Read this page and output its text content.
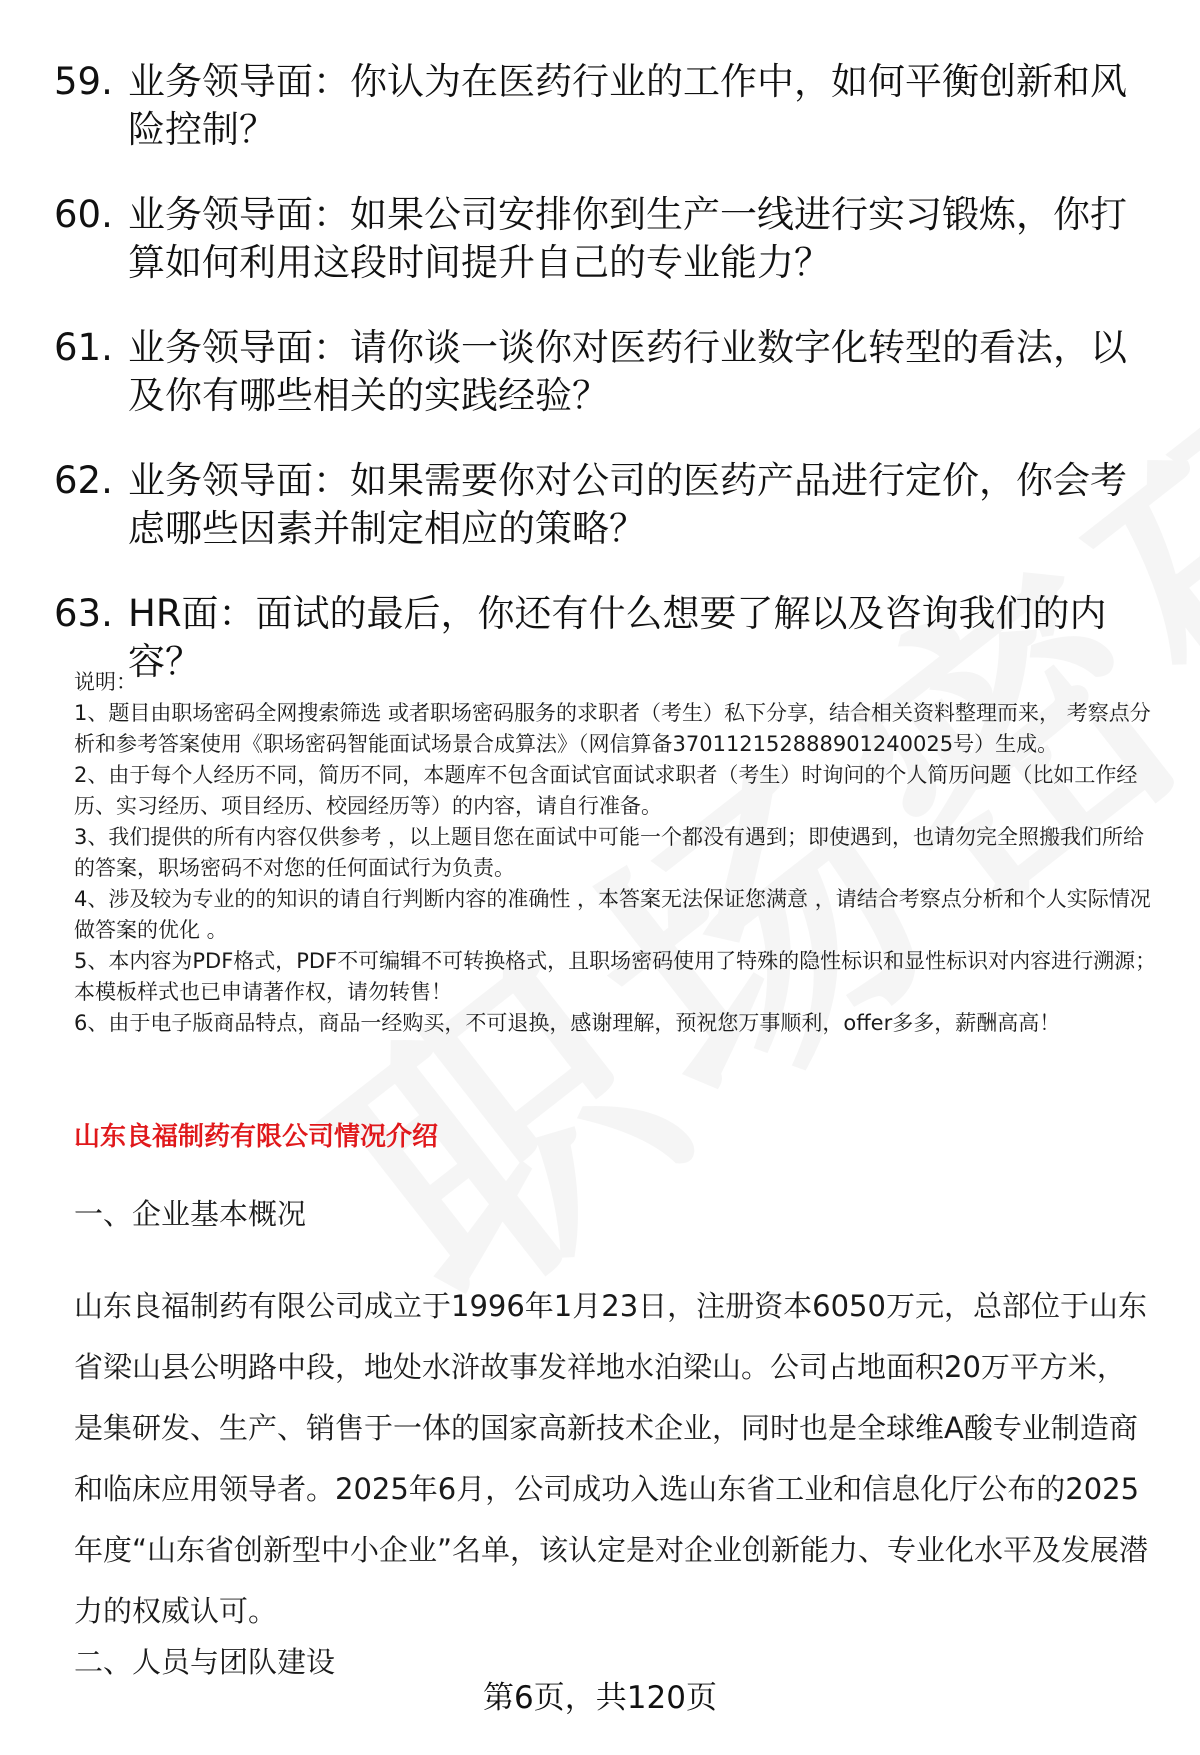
59. 业务领导面：你认为在医药行业的工作中，如何平衡创新和风险控制？
60. 业务领导面：如果公司安排你到生产一线进行实习锻炼，你打算如何利用这段时间提升自己的专业能力？
61. 业务领导面：请你谈一谈你对医药行业数字化转型的看法，以及你有哪些相关的实践经验？
62. 业务领导面：如果需要你对公司的医药产品进行定价，你会考虑哪些因素并制定相应的策略？
63. HR面：面试的最后，你还有什么想要了解以及咨询我们的内容？

说明：

1、题目由职场密码全网搜索筛选 或者职场密码服务的求职者（考生）私下分享，结合相关资料整理而来， 考察点分析和参考答案使用《职场密码智能面试场景合成算法》（网信算备370112152888901240025号）生成。

2、由于每个人经历不同，简历不同，本题库不包含面试官面试求职者（考生）时询问的个人简历问题（比如工作经历、实习经历、项目经历、校园经历等）的内容，请自行准备。

3、我们提供的所有内容仅供参考 ，以上题目您在面试中可能一个都没有遇到；即使遇到，也请勿完全照搬我们所给的答案，职场密码不对您的任何面试行为负责。

4、涉及较为专业的的知识的请自行判断内容的准确性 ，本答案无法保证您满意 ，请结合考察点分析和个人实际情况做答案的优化 。

5、本内容为PDF格式，PDF不可编辑不可转换格式，且职场密码使用了特殊的隐性标识和显性标识对内容进行溯源；本模板样式也已申请著作权，请勿转售！

6、由于电子版商品特点，商品一经购买，不可退换，感谢理解，预祝您万事顺利，offer多多，薪酬高高！

山东良福制药有限公司情况介绍
一、企业基本概况

山东良福制药有限公司成立于1996年1月23日，注册资本6050万元，总部位于山东省梁山县公明路中段，地处水浒故事发祥地水泊梁山。公司占地面积20万平方米，是集研发、生产、销售于一体的国家高新技术企业，同时也是全球维A酸专业制造商和临床应用领导者。2025年6月，公司成功入选山东省工业和信息化厅公布的2025年度“山东省创新型中小企业”名单，该认定是对企业创新能力、专业化水平及发展潜力的权威认可。

二、人员与团队建设
第6页，共120页
